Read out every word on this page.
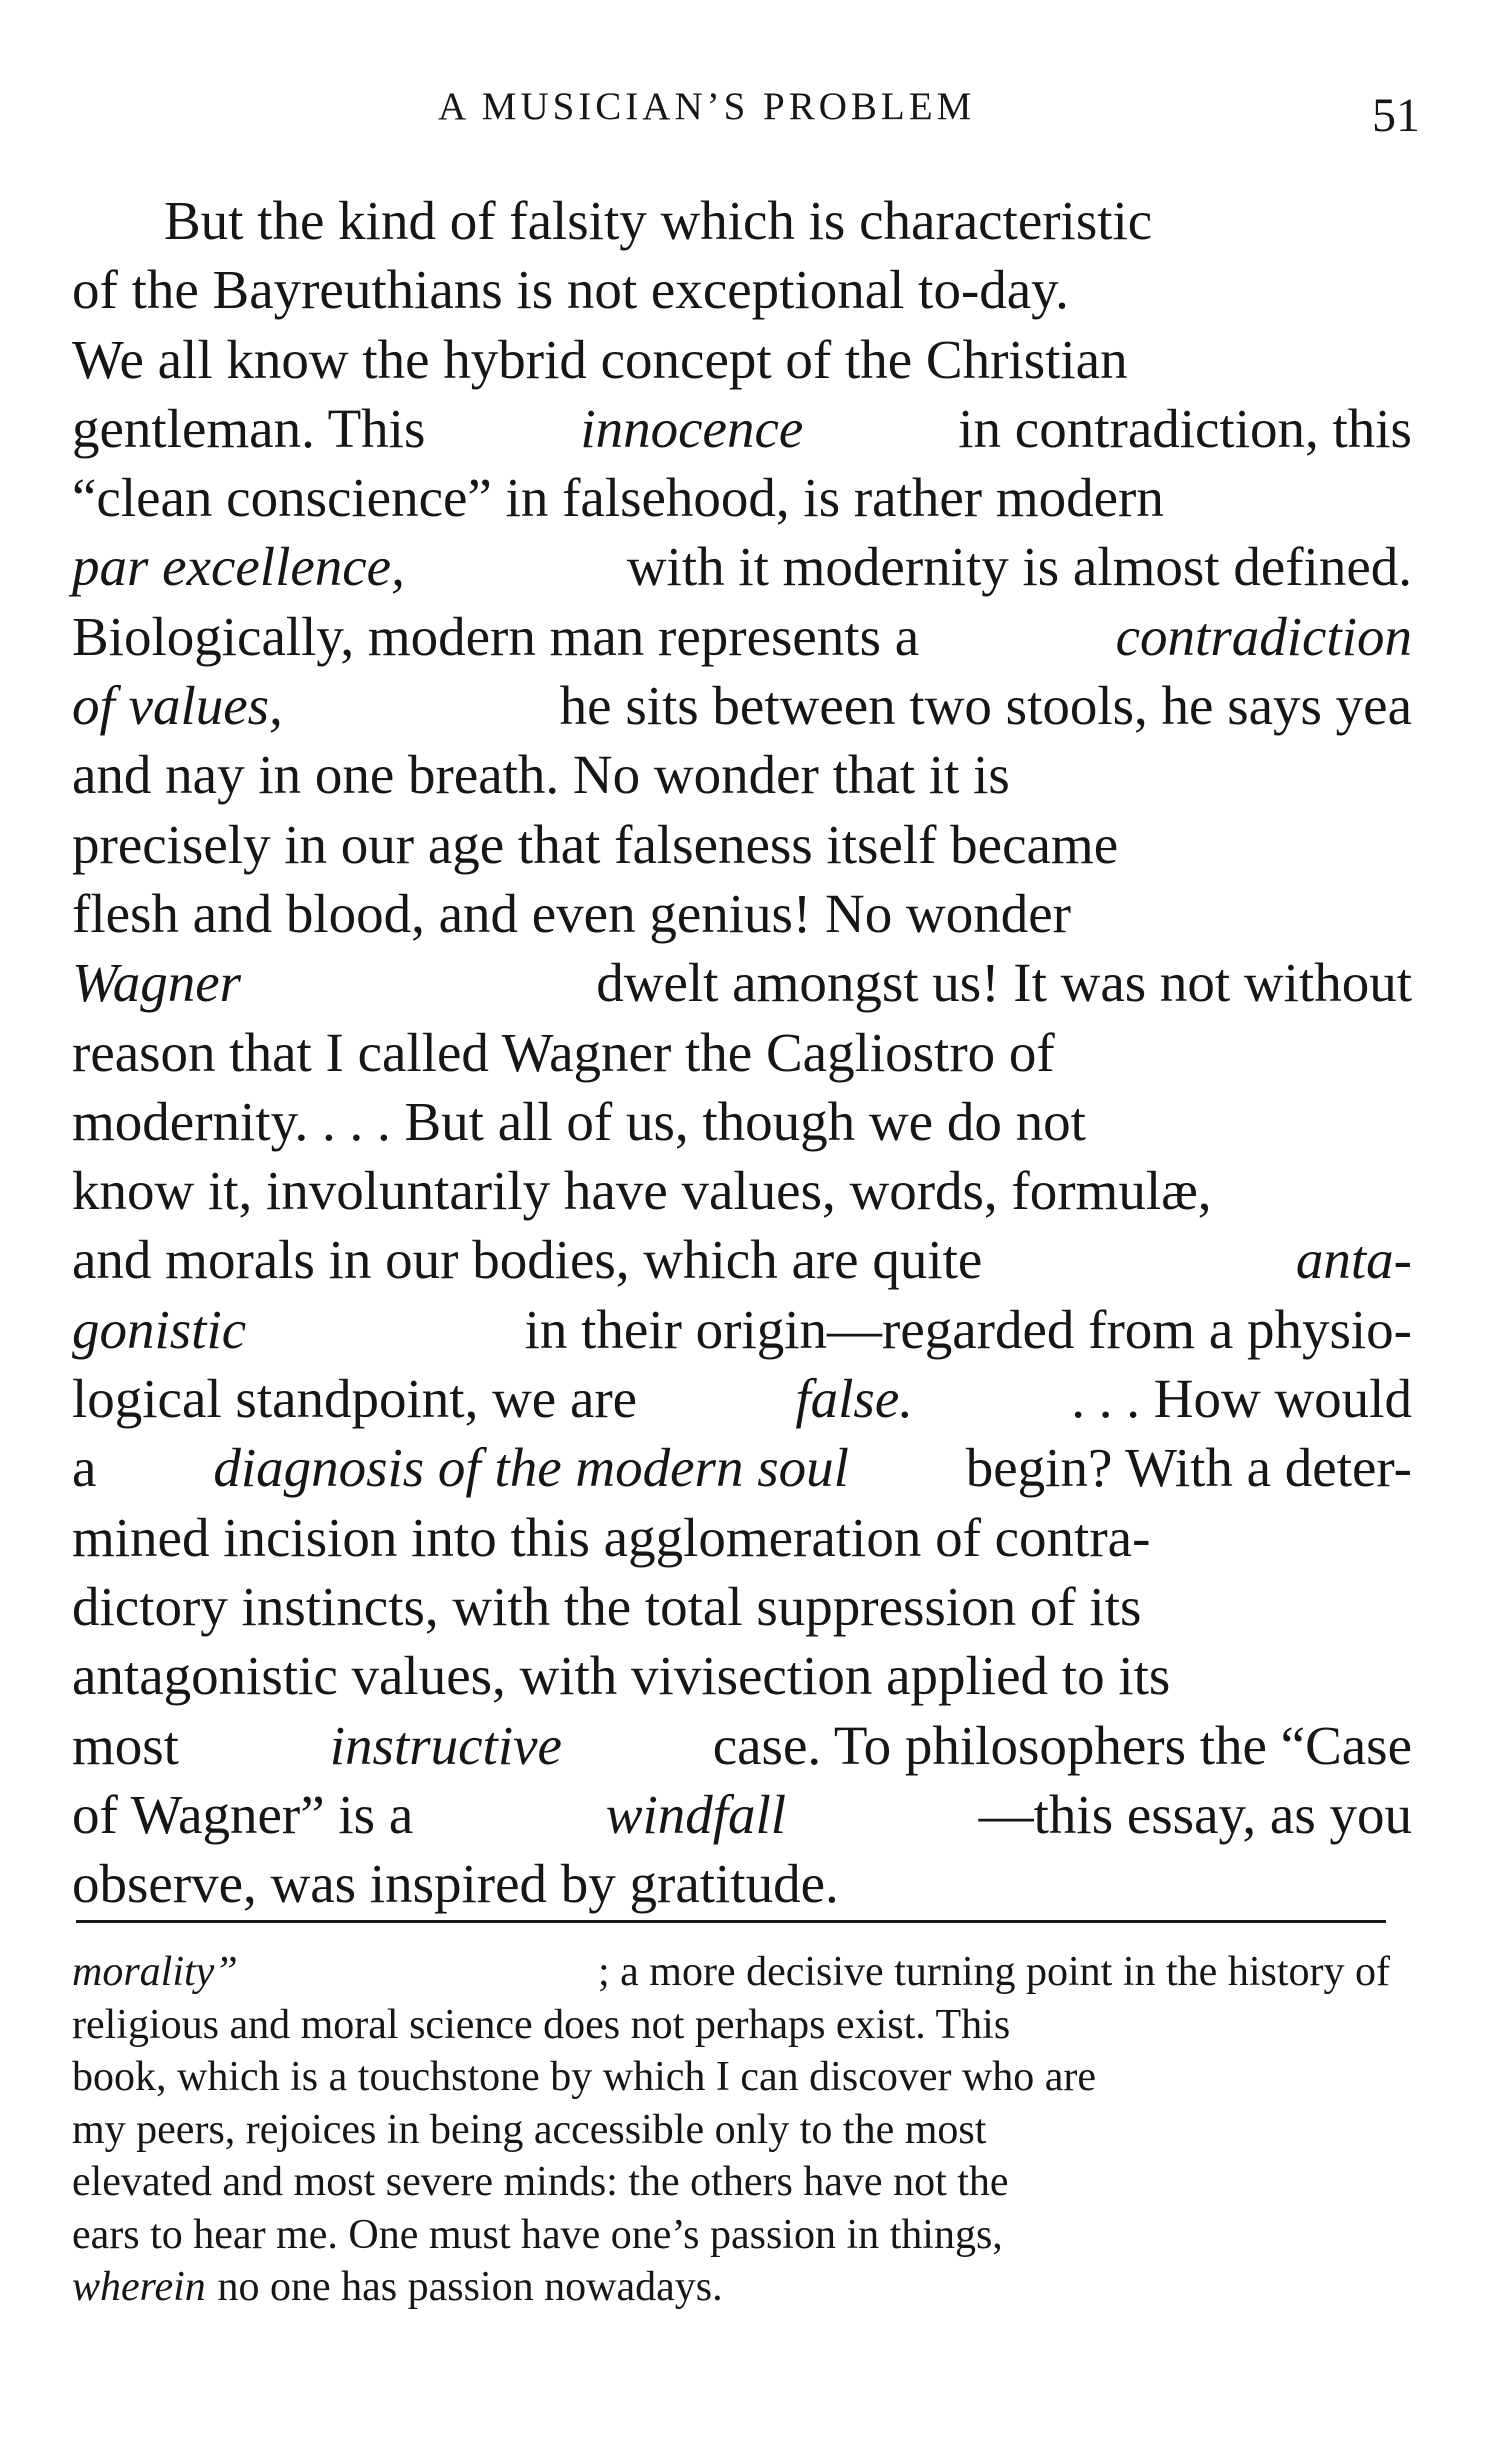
A MUSICIAN’S PROBLEM	51
But the kind of falsity which is characteristic
of the Bayreuthians is not exceptional to-day.
We all know the hybrid concept of the Christian
gentleman. This	innocence	in contradiction, this
“clean conscience” in falsehood, is rather modern
par excellence,	with it modernity is almost defined.
Biologically, modern man represents a	contradiction
of values,	he sits between two stools, he says yea
and nay in one breath. No wonder that it is
precisely in our age that falseness itself became
flesh and blood, and even genius! No wonder
Wagner	dwelt amongst us! It was not without
reason that I called Wagner the Cagliostro of
modernity. . . . But all of us, though we do not
know it, involuntarily have values, words, formulæ,
and morals in our bodies, which are quite	anta-
gonistic	in their origin—regarded from a physio-
logical standpoint, we are	false.	. . . How would
a diagnosis of the modern soul begin? With a deter-
mined incision into this agglomeration of contra-
dictory instincts, with the total suppression of its
antagonistic values, with vivisection applied to its
most	instructive	case. To philosophers the “Case
of Wagner” is a	windfall	—this essay, as you
observe, was inspired by gratitude.
morality”	; a more decisive turning point in the history of
religious and moral science does not perhaps exist. This
book, which is a touchstone by which I can discover who are
my peers, rejoices in being accessible only to the most
elevated and most severe minds: the others have not the
ears to hear me. One must have one’s passion in things,
wherein no one has passion nowadays.
